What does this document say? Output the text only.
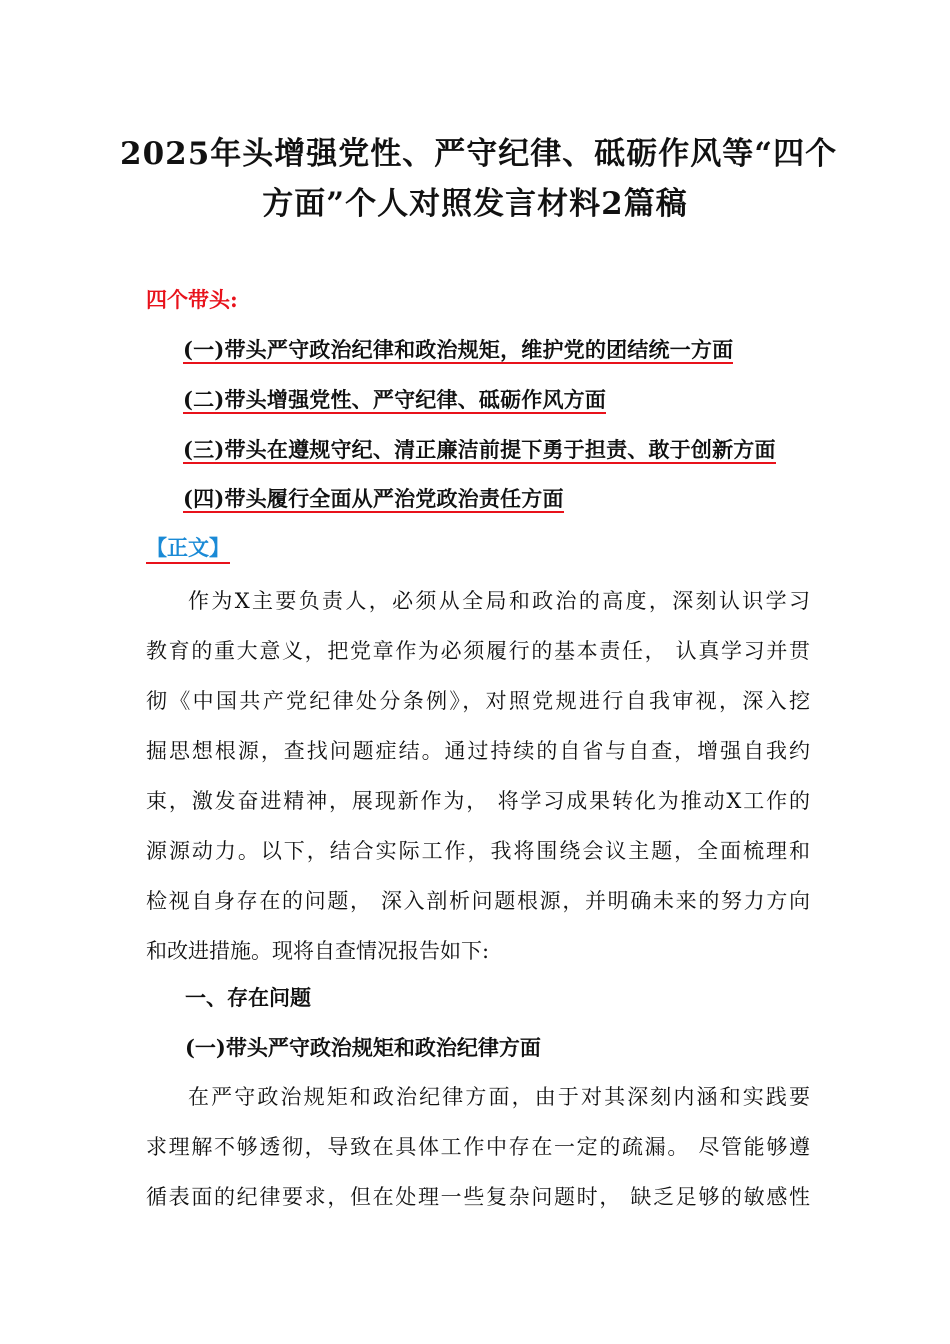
2025年头增强党性、严守纪律、砥砺作风等“四个
方面”个人对照发言材料2篇稿
四个带头:
(一)带头严守政治纪律和政治规矩，维护党的团结统一方面
(二)带头增强党性、严守纪律、砥砺作风方面
(三)带头在遵规守纪、清正廉洁前提下勇于担责、敢于创新方面
(四)带头履行全面从严治党政治责任方面
【正文】
作为X主要负责人，必须从全局和政治的高度，深刻认识学习
教育的重大意义，把党章作为必须履行的基本责任， 认真学习并贯
彻《中国共产党纪律处分条例》，对照党规进行自我审视，深入挖
掘思想根源，查找问题症结。通过持续的自省与自查，增强自我约
束，激发奋进精神，展现新作为， 将学习成果转化为推动X工作的
源源动力。以下，结合实际工作，我将围绕会议主题，全面梳理和
检视自身存在的问题， 深入剖析问题根源，并明确未来的努力方向
和改进措施。现将自查情况报告如下:
一、存在问题
(一)带头严守政治规矩和政治纪律方面
在严守政治规矩和政治纪律方面，由于对其深刻内涵和实践要
求理解不够透彻，导致在具体工作中存在一定的疏漏。 尽管能够遵
循表面的纪律要求，但在处理一些复杂问题时， 缺乏足够的敏感性
